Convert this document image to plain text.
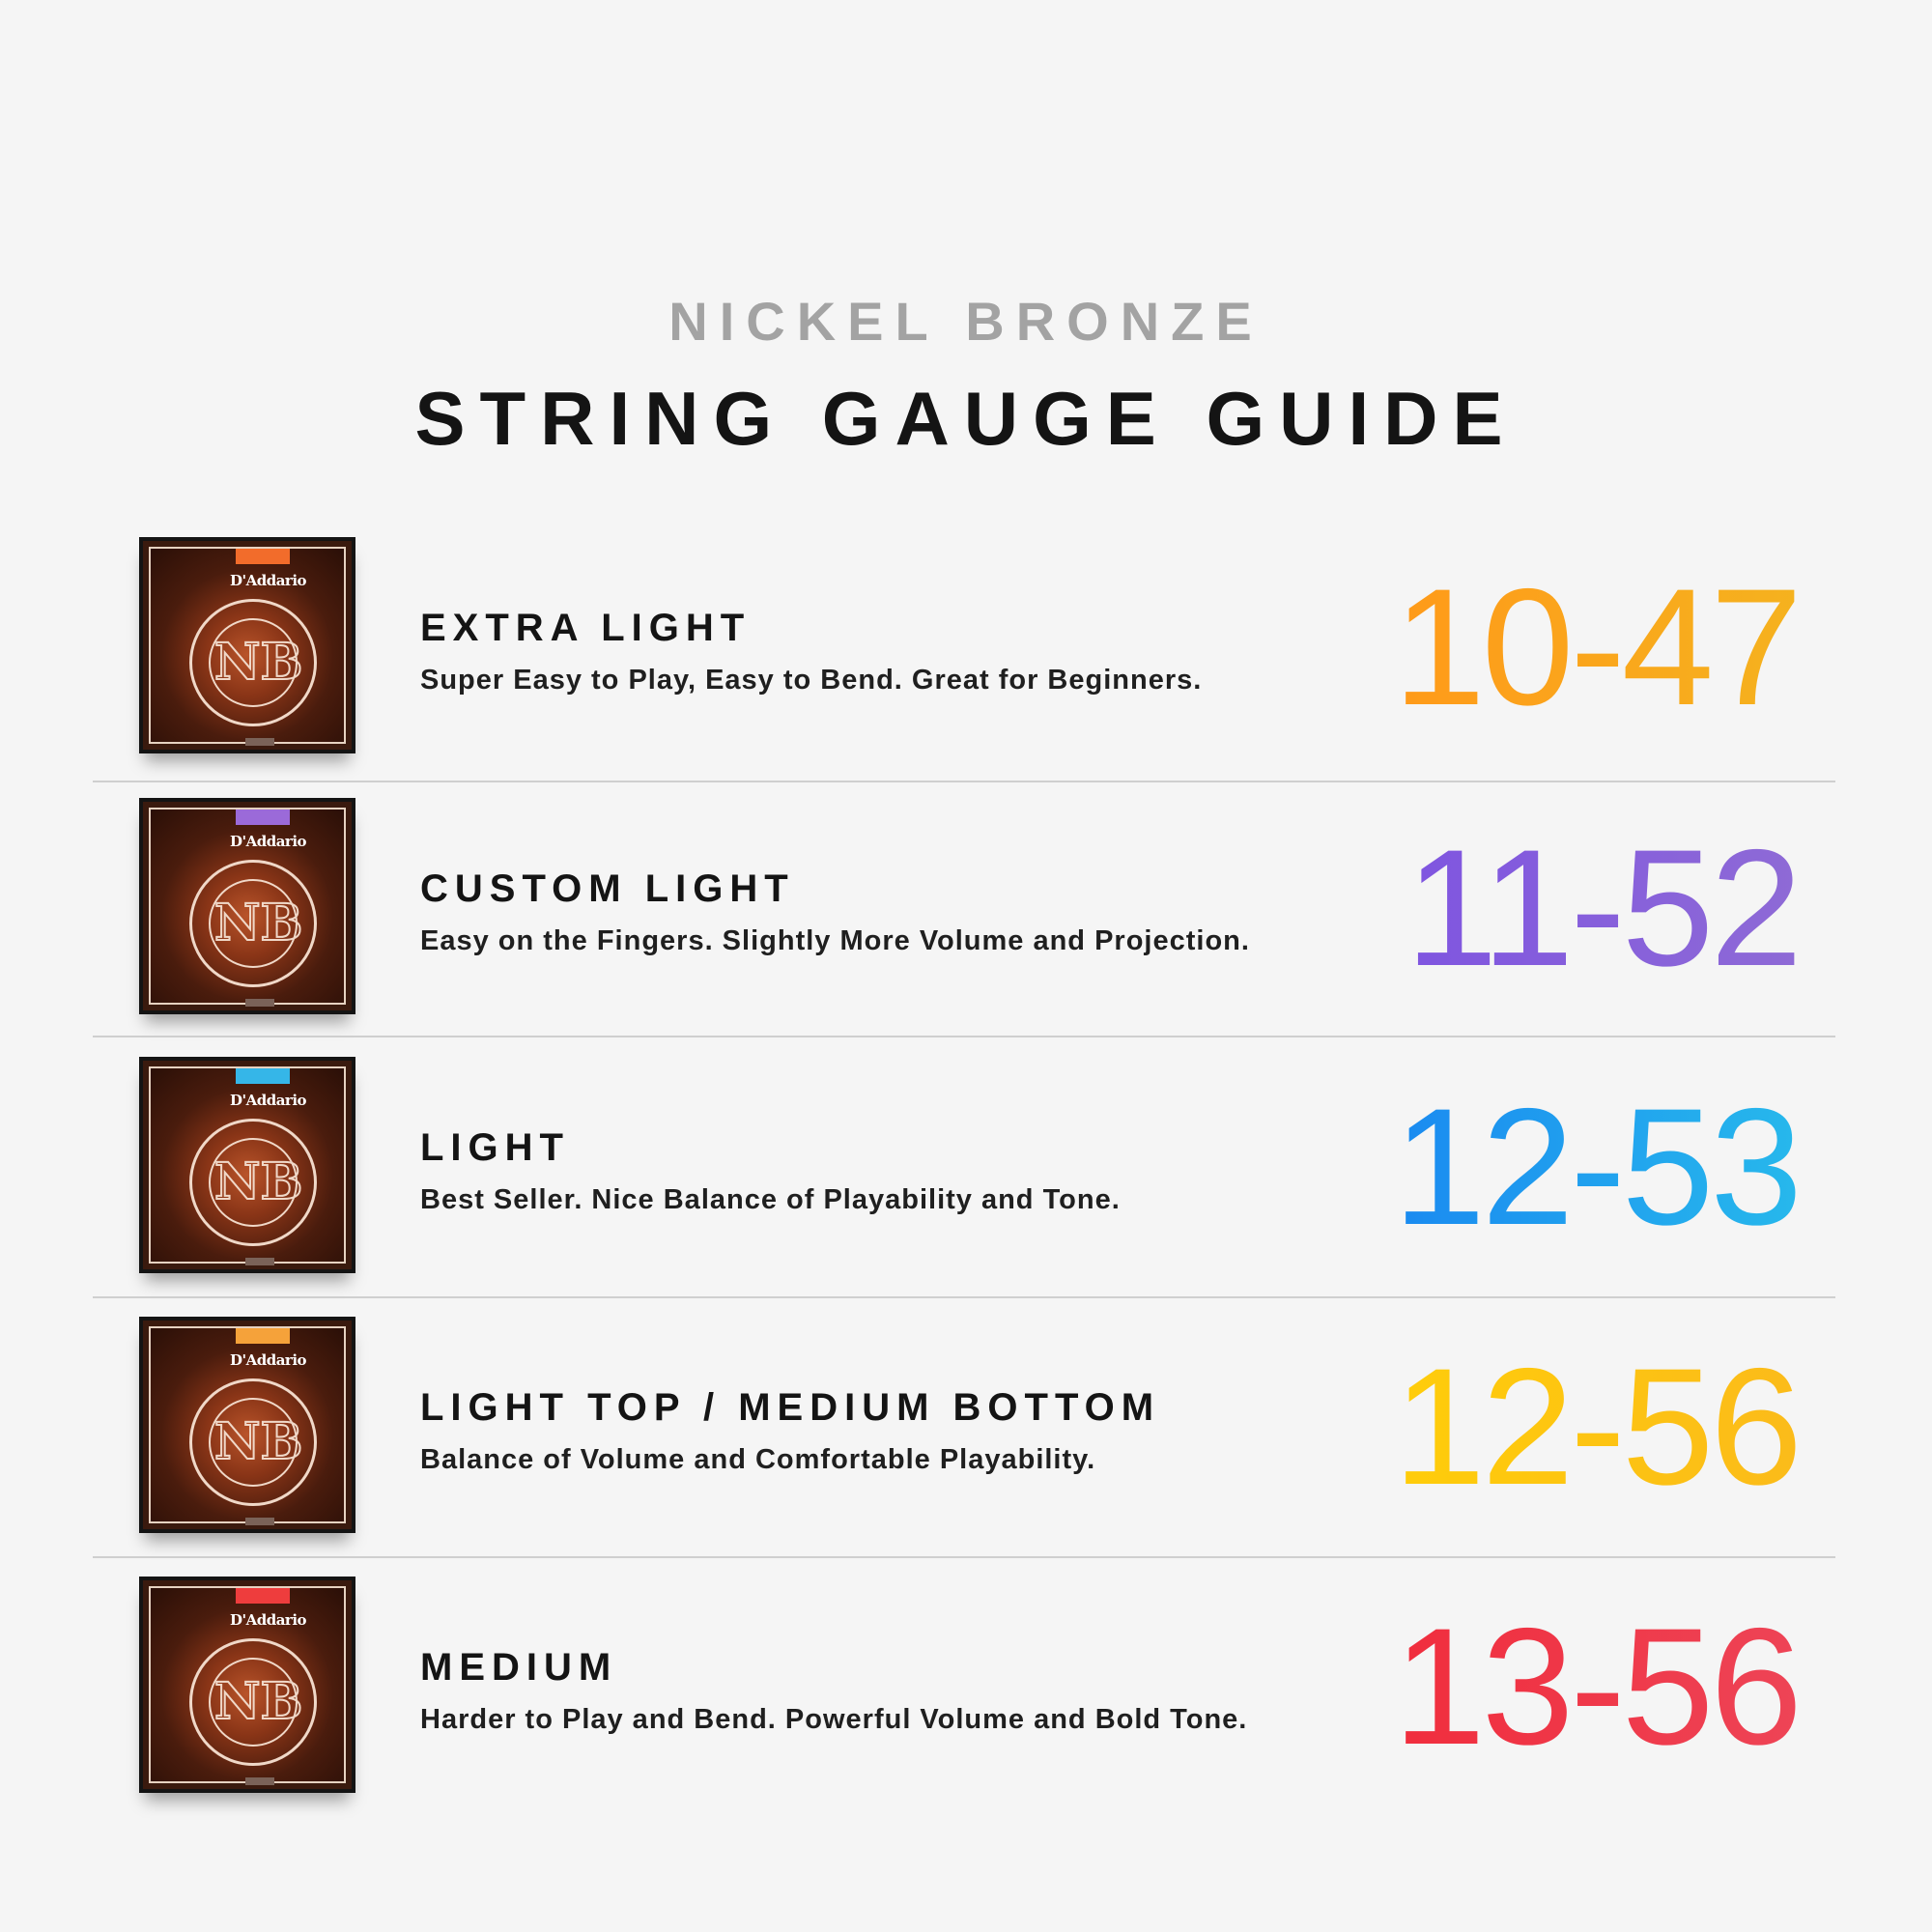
NICKEL BRONZE
STRING GAUGE GUIDE
D'Addario
NB
EXTRA LIGHT
Super Easy to Play, Easy to Bend. Great for Beginners. 10-47
D'Addario
NB
CUSTOM LIGHT
Easy on the Fingers. Slightly More Volume and Projection. 11-52
D'Addario
NB
LIGHT
Best Seller. Nice Balance of Playability and Tone. 12-53
D'Addario
NB
LIGHT TOP / MEDIUM BOTTOM
Balance of Volume and Comfortable Playability. 12-56
D'Addario
NB
MEDIUM
Harder to Play and Bend. Powerful Volume and Bold Tone. 13-56
